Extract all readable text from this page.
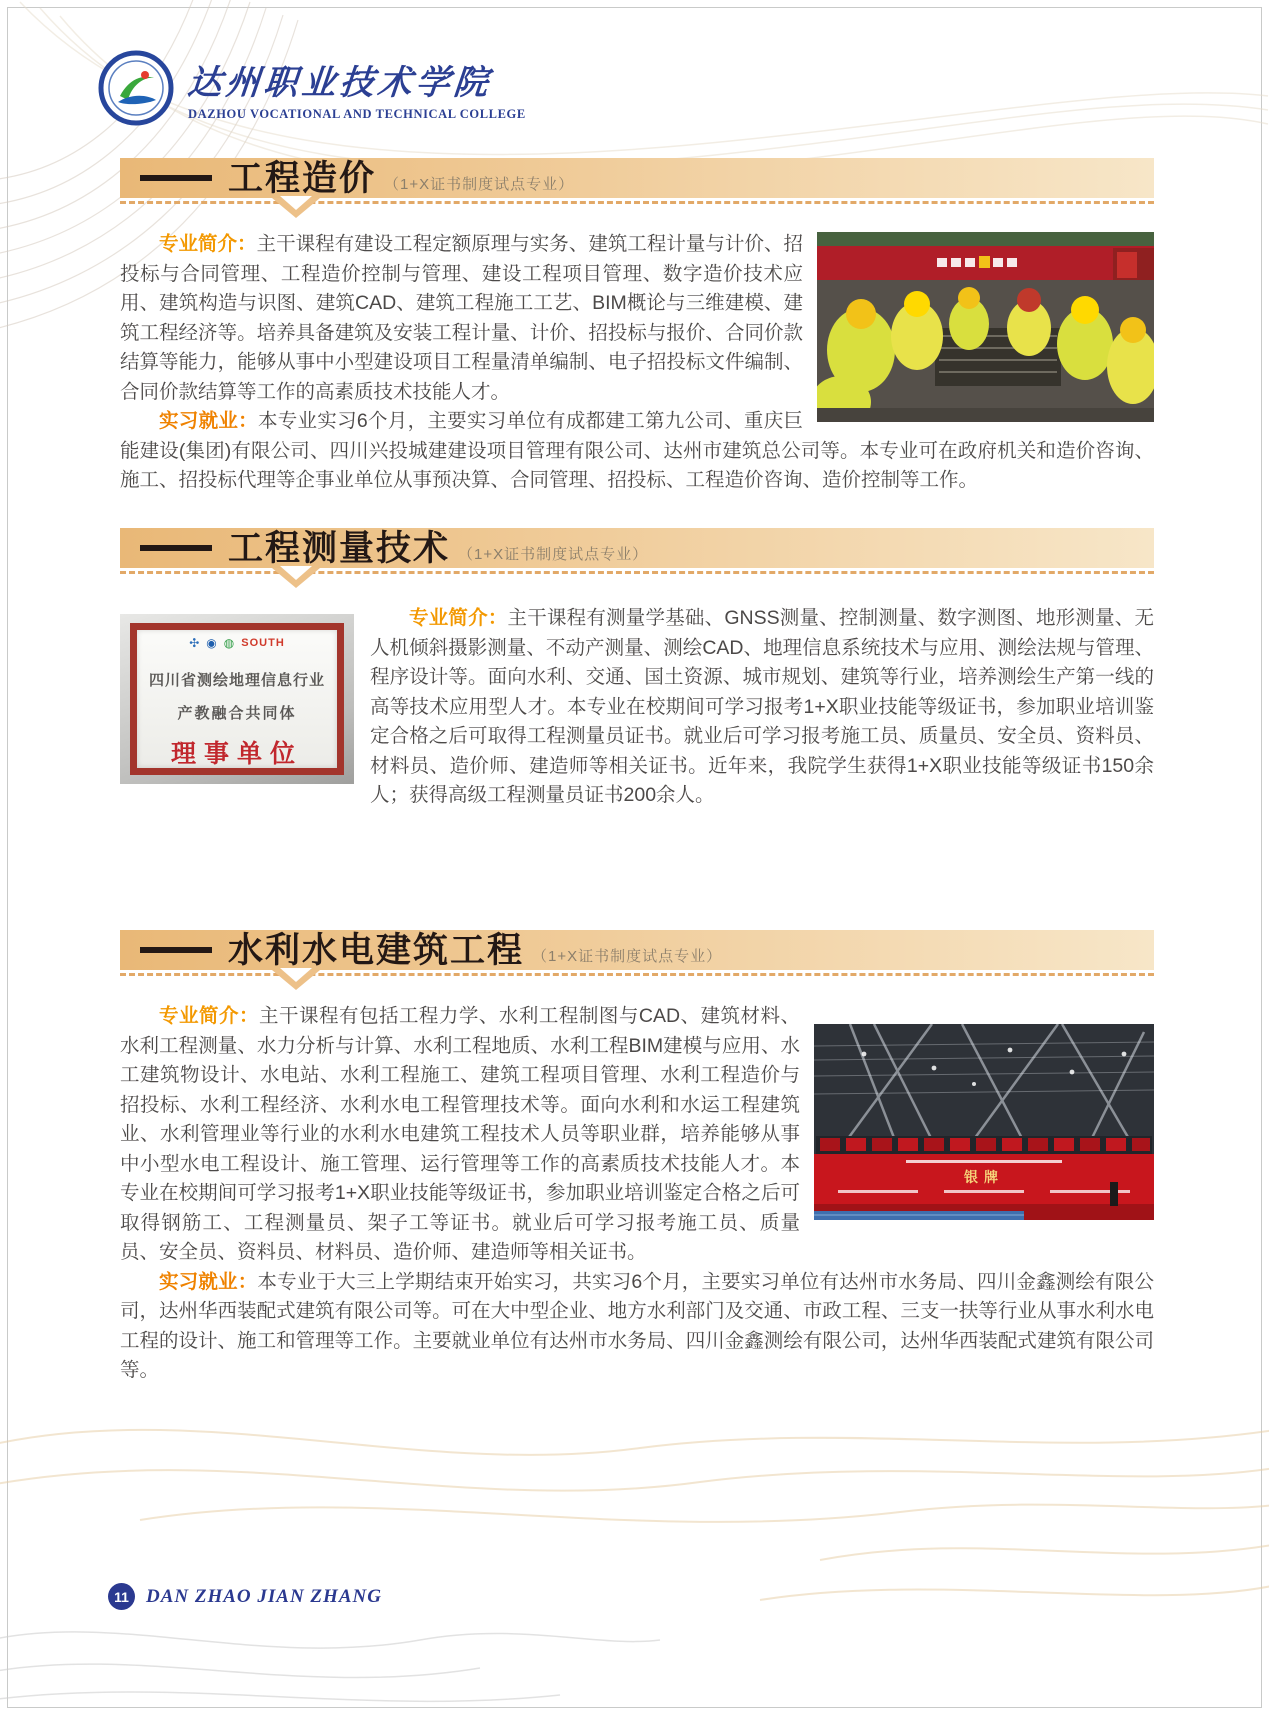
达州职业技术学院
DAZHOU VOCATIONAL AND TECHNICAL COLLEGE
工程造价 （1+X证书制度试点专业）

专业简介：主干课程有建设工程定额原理与实务、建筑工程计量与计价、招投标与合同管理、工程造价控制与管理、建设工程项目管理、数字造价技术应用、建筑构造与识图、建筑CAD、建筑工程施工工艺、BIM概论与三维建模、建筑工程经济等。培养具备建筑及安装工程计量、计价、招投标与报价、合同价款结算等能力，能够从事中小型建设项目工程量清单编制、电子招投标文件编制、合同价款结算等工作的高素质技术技能人才。

实习就业：本专业实习6个月，主要实习单位有成都建工第九公司、重庆巨能建设(集团)有限公司、四川兴投城建建设项目管理有限公司、达州市建筑总公司等。本专业可在政府机关和造价咨询、施工、招投标代理等企事业单位从事预决算、合同管理、招投标、工程造价咨询、造价控制等工作。

工程测量技术 （1+X证书制度试点专业）
✣ ◉ ◍ SOUTH
四川省测绘地理信息行业
产教融合共同体
理事单位

专业简介：主干课程有测量学基础、GNSS测量、控制测量、数字测图、地形测量、无人机倾斜摄影测量、不动产测量、测绘CAD、地理信息系统技术与应用、测绘法规与管理、程序设计等。面向水利、交通、国土资源、城市规划、建筑等行业，培养测绘生产第一线的高等技术应用型人才。本专业在校期间可学习报考1+X职业技能等级证书，参加职业培训鉴定合格之后可取得工程测量员证书。就业后可学习报考施工员、质量员、安全员、资料员、材料员、造价师、建造师等相关证书。近年来，我院学生获得1+X职业技能等级证书150余人；获得高级工程测量员证书200余人。

水利水电建筑工程 （1+X证书制度试点专业）
银牌

专业简介：主干课程有包括工程力学、水利工程制图与CAD、建筑材料、水利工程测量、水力分析与计算、水利工程地质、水利工程BIM建模与应用、水工建筑物设计、水电站、水利工程施工、建筑工程项目管理、水利工程造价与招投标、水利工程经济、水利水电工程管理技术等。面向水利和水运工程建筑业、水利管理业等行业的水利水电建筑工程技术人员等职业群，培养能够从事中小型水电工程设计、施工管理、运行管理等工作的高素质技术技能人才。本专业在校期间可学习报考1+X职业技能等级证书，参加职业培训鉴定合格之后可取得钢筋工、工程测量员、架子工等证书。就业后可学习报考施工员、质量员、安全员、资料员、材料员、造价师、建造师等相关证书。

实习就业：本专业于大三上学期结束开始实习，共实习6个月，主要实习单位有达州市水务局、四川金鑫测绘有限公司，达州华西装配式建筑有限公司等。可在大中型企业、地方水利部门及交通、市政工程、三支一扶等行业从事水利水电工程的设计、施工和管理等工作。主要就业单位有达州市水务局、四川金鑫测绘有限公司，达州华西装配式建筑有限公司等。

11 DAN ZHAO JIAN ZHANG
